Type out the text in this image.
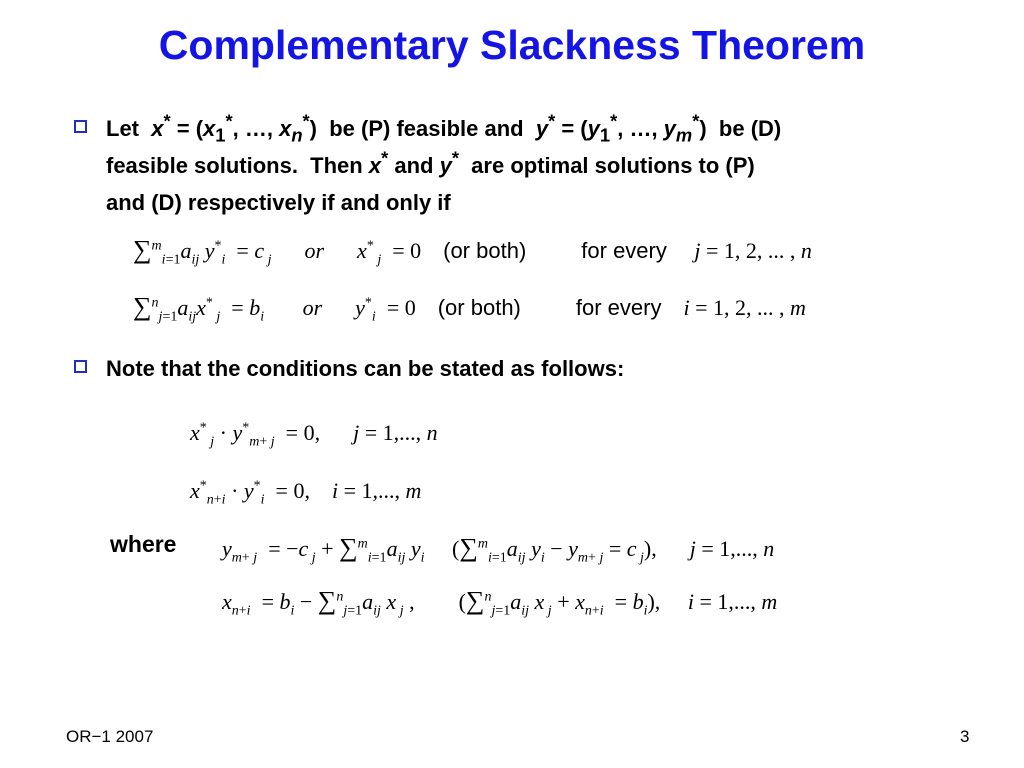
Complementary Slackness Theorem
Let  $x^* = (x_1^*$, …, $x_n^*$)  be (P) feasible and  $y^* = (y_1^*$, …, $y_m^*$)  be (D)
feasible solutions.  Then x* and y*  are optimal solutions to (P)
and (D) respectively if and only if
$\sum^m_{i=1}a_{ij}$ $y^*_i = c$ $_j$ or x* $_j$  = 0    (or both)	for every j = 1, 2, ... , n
$\sum^n_{j=1}a_{ij}x^*$ $_j = b_i$ or $y^*_i = 0$    (or both)	for every i = 1, 2, ... , m
Note that the conditions can be stated as follows:
x* $_j \cdot y^*_{m+ j} = 0$,      j = 1,..., n
$x^*_{n+i} \cdot y^*_i = 0$,    i = 1,..., m
where $y_{m+ j} = -c$ $_j + \sum^m_{i=1}a_{ij}$ $y_i$     ($\sum^m_{i=1}a_{ij}$ $y_i - y_{m+ j} = c$ $_j$),      j = 1,..., n
$x_{n+i} = b_i - \sum^n_{j=1}a_{ij}$ x $_j$ ,        ($\sum^n_{j=1}a_{ij}$ x $_j + x_{n+i} = b_i$),     i = 1,..., m
OR−1 2007	3
